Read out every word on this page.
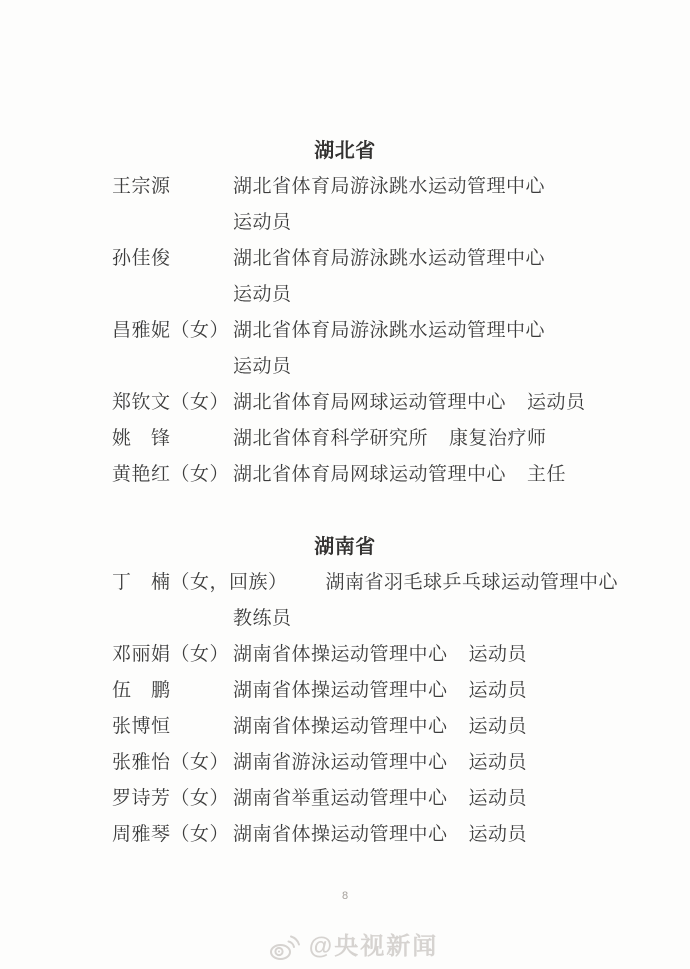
湖北省
王宗源	湖北省体育局游泳跳水运动管理中心
运动员
孙佳俊	湖北省体育局游泳跳水运动管理中心
运动员
昌雅妮（女） 湖北省体育局游泳跳水运动管理中心
运动员
郑钦文（女） 湖北省体育局网球运动管理中心 运动员
姚　锋	湖北省体育科学研究所 康复治疗师
黄艳红（女） 湖北省体育局网球运动管理中心 主任
湖南省
丁　楠（女，回族） 湖南省羽毛球乒乓球运动管理中心
教练员
邓丽娟（女） 湖南省体操运动管理中心 运动员
伍　鹏	湖南省体操运动管理中心 运动员
张博恒	湖南省体操运动管理中心 运动员
张雅怡（女） 湖南省游泳运动管理中心 运动员
罗诗芳（女） 湖南省举重运动管理中心 运动员
周雅琴（女） 湖南省体操运动管理中心 运动员
8
@央视新闻
